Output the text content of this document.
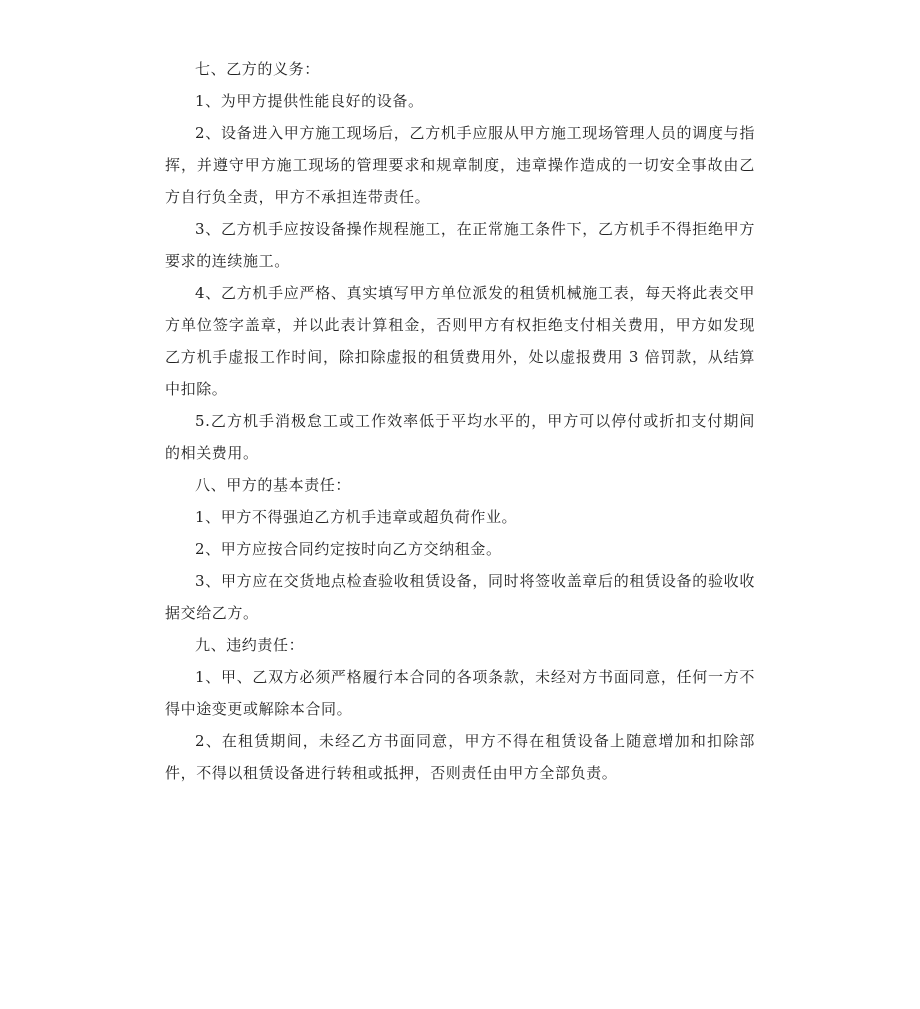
七、乙方的义务：

1、为甲方提供性能良好的设备。

2、设备进入甲方施工现场后，乙方机手应服从甲方施工现场管理人员的调度与指挥，并遵守甲方施工现场的管理要求和规章制度，违章操作造成的一切安全事故由乙方自行负全责，甲方不承担连带责任。

3、乙方机手应按设备操作规程施工，在正常施工条件下，乙方机手不得拒绝甲方要求的连续施工。

4、乙方机手应严格、真实填写甲方单位派发的租赁机械施工表，每天将此表交甲方单位签字盖章，并以此表计算租金，否则甲方有权拒绝支付相关费用，甲方如发现乙方机手虚报工作时间，除扣除虚报的租赁费用外，处以虚报费用 3 倍罚款，从结算中扣除。

5.乙方机手消极怠工或工作效率低于平均水平的，甲方可以停付或折扣支付期间的相关费用。

八、甲方的基本责任：

1、甲方不得强迫乙方机手违章或超负荷作业。

2、甲方应按合同约定按时向乙方交纳租金。

3、甲方应在交货地点检查验收租赁设备，同时将签收盖章后的租赁设备的验收收据交给乙方。

九、违约责任：

1、甲、乙双方必须严格履行本合同的各项条款，未经对方书面同意，任何一方不得中途变更或解除本合同。

2、在租赁期间，未经乙方书面同意，甲方不得在租赁设备上随意增加和扣除部件，不得以租赁设备进行转租或抵押，否则责任由甲方全部负责。
